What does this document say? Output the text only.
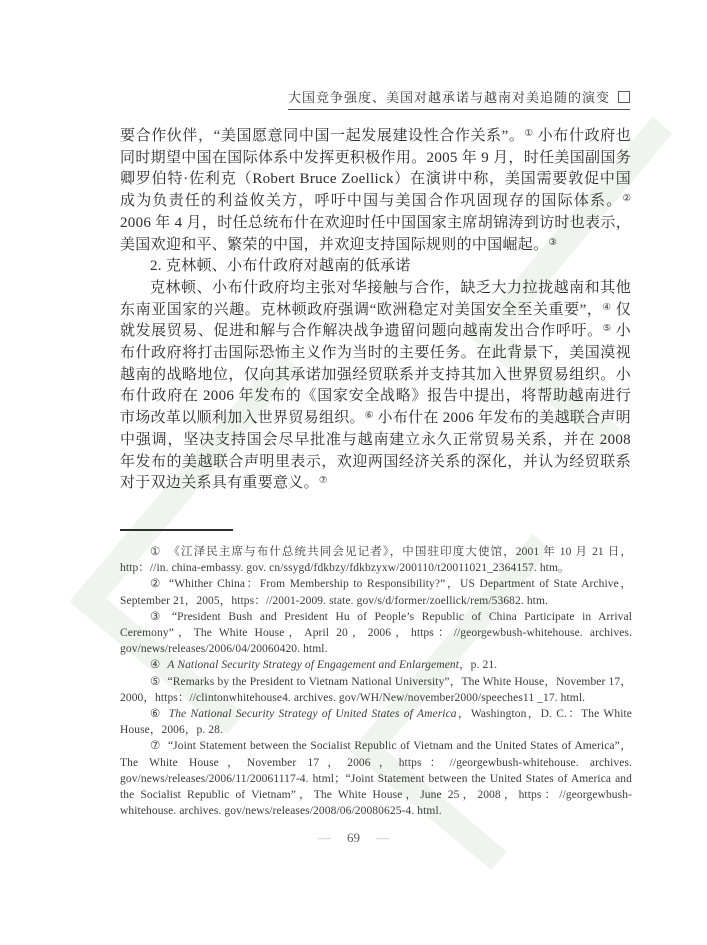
大国竞争强度、美国对越承诺与越南对美追随的演变

要合作伙伴，“美国愿意同中国一起发展建设性合作关系”。① 小布什政府也同时期望中国在国际体系中发挥更积极作用。2005 年 9 月，时任美国副国务卿罗伯特·佐利克（Robert Bruce Zoellick）在演讲中称，美国需要敦促中国成为负责任的利益攸关方，呼吁中国与美国合作巩固现存的国际体系。② 2006 年 4 月，时任总统布什在欢迎时任中国国家主席胡锦涛到访时也表示，美国欢迎和平、繁荣的中国，并欢迎支持国际规则的中国崛起。③

2. 克林顿、小布什政府对越南的低承诺

克林顿、小布什政府均主张对华接触与合作，缺乏大力拉拢越南和其他东南亚国家的兴趣。克林顿政府强调“欧洲稳定对美国安全至关重要”，④ 仅就发展贸易、促进和解与合作解决战争遗留问题向越南发出合作呼吁。⑤ 小布什政府将打击国际恐怖主义作为当时的主要任务。在此背景下，美国漠视越南的战略地位，仅向其承诺加强经贸联系并支持其加入世界贸易组织。小布什政府在 2006 年发布的《国家安全战略》报告中提出，将帮助越南进行市场改革以顺利加入世界贸易组织。⑥ 小布什在 2006 年发布的美越联合声明中强调，坚决支持国会尽早批准与越南建立永久正常贸易关系，并在 2008 年发布的美越联合声明里表示，欢迎两国经济关系的深化，并认为经贸联系对于双边关系具有重要意义。⑦

① 《江泽民主席与布什总统共同会见记者》，中国驻印度大使馆，2001 年 10 月 21 日，http：//in. china-embassy. gov. cn/ssygd/fdkbzy/fdkbzyxw/200110/t20011021_2364157. htm。

② “Whither China：From Membership to Responsibility?”，US Department of State Archive，September 21，2005，https：//2001-2009. state. gov/s/d/former/zoellick/rem/53682. htm.

③ “President Bush and President Hu of People’s Republic of China Participate in Arrival Ceremony”，The White House，April 20，2006，https：//georgewbush-whitehouse. archives. gov/news/releases/2006/04/20060420. html.

④ A National Security Strategy of Engagement and Enlargement，p. 21.

⑤ “Remarks by the President to Vietnam National University”，The White House，November 17，2000，https：//clintonwhitehouse4. archives. gov/WH/New/november2000/speeches11 _17. html.

⑥ The National Security Strategy of United States of America，Washington，D. C.：The White House，2006，p. 28.

⑦ “Joint Statement between the Socialist Republic of Vietnam and the United States of America”，The White House，November 17，2006，https：//georgewbush-whitehouse. archives. gov/news/releases/2006/11/20061117-4. html；“Joint Statement between the United States of America and the Socialist Republic of Vietnam”，The White House，June 25，2008，https：//georgewbush-whitehouse. archives. gov/news/releases/2008/06/20080625-4. html.

— 69 —
